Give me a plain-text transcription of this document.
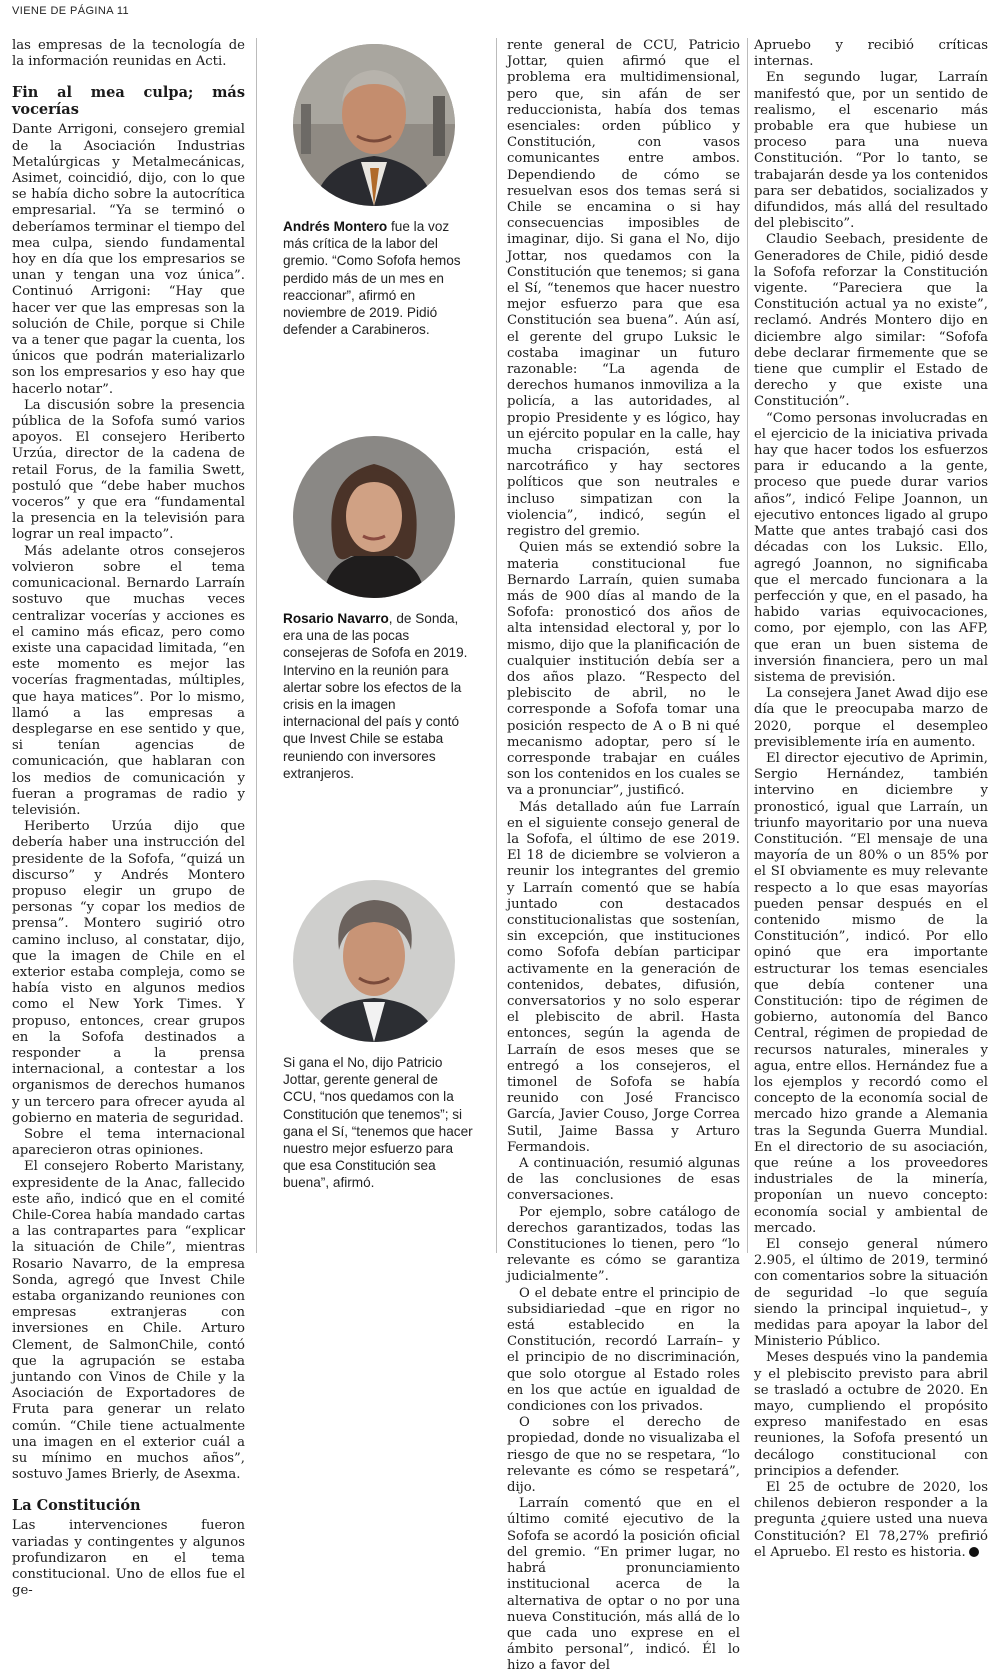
VIENE DE PÁGINA 11

las empresas de la tecnología de la información reunidas en Acti.

Fin al mea culpa; más vocerías

Dante Arrigoni, consejero gremial de la Asociación Industrias Metalúrgicas y Metalmecánicas, Asimet, coincidió, dijo, con lo que se había dicho sobre la autocrítica empresarial. “Ya se terminó o deberíamos terminar el tiempo del mea culpa, siendo fundamental hoy en día que los empresarios se unan y tengan una voz única”. Continuó Arrigoni: “Hay que hacer ver que las empresas son la solución de Chile, porque si Chile va a tener que pagar la cuenta, los únicos que podrán materializarlo son los empresarios y eso hay que hacerlo notar”.

La discusión sobre la presencia pública de la Sofofa sumó varios apoyos. El consejero Heriberto Urzúa, director de la cadena de retail Forus, de la familia Swett, postuló que “debe haber muchos voceros” y que era “fundamental la presencia en la televisión para lograr un real impacto”.

Más adelante otros consejeros volvieron sobre el tema comunicacional. Bernardo Larraín sostuvo que muchas veces centralizar vocerías y acciones es el camino más eficaz, pero como existe una capacidad limitada, “en este momento es mejor las vocerías fragmentadas, múltiples, que haya matices”. Por lo mismo, llamó a las empresas a desplegarse en ese sentido y que, si tenían agencias de comunicación, que hablaran con los medios de comunicación y fueran a programas de radio y televisión.

Heriberto Urzúa dijo que debería haber una instrucción del presidente de la Sofofa, “quizá un discurso” y Andrés Montero propuso elegir un grupo de personas “y copar los medios de prensa”. Montero sugirió otro camino incluso, al constatar, dijo, que la imagen de Chile en el exterior estaba compleja, como se había visto en algunos medios como el New York Times. Y propuso, entonces, crear grupos en la Sofofa destinados a responder a la prensa internacional, a contestar a los organismos de derechos humanos y un tercero para ofrecer ayuda al gobierno en materia de seguridad.

Sobre el tema internacional aparecieron otras opiniones.

El consejero Roberto Maristany, expresidente de la Anac, fallecido este año, indicó que en el comité Chile-Corea había mandado cartas a las contrapartes para “explicar la situación de Chile”, mientras Rosario Navarro, de la empresa Sonda, agregó que Invest Chile estaba organizando reuniones con empresas extranjeras con inversiones en Chile. Arturo Clement, de SalmonChile, contó que la agrupación se estaba juntando con Vinos de Chile y la Asociación de Exportadores de Fruta para generar un relato común. “Chile tiene actualmente una imagen en el exterior cuál a su mínimo en muchos años”, sostuvo James Brierly, de Asexma.

La Constitución

Las intervenciones fueron variadas y contingentes y algunos profundizaron en el tema constitucional. Uno de ellos fue el ge-

Andrés Montero fue la voz más crítica de la labor del gremio. “Como Sofofa hemos perdido más de un mes en reaccionar”, afirmó en noviembre de 2019. Pidió defender a Carabineros.
Rosario Navarro, de Sonda, era una de las pocas consejeras de Sofofa en 2019. Intervino en la reunión para alertar sobre los efectos de la crisis en la imagen internacional del país y contó que Invest Chile se estaba reuniendo con inversores extranjeros.
Si gana el No, dijo Patricio Jottar, gerente general de CCU, “nos quedamos con la Constitución que tenemos”; si gana el Sí, “tenemos que hacer nuestro mejor esfuerzo para que esa Constitución sea buena”, afirmó.

rente general de CCU, Patricio Jottar, quien afirmó que el problema era multidimensional, pero que, sin afán de ser reduccionista, había dos temas esenciales: orden público y Constitución, con vasos comunicantes entre ambos. Dependiendo de cómo se resuelvan esos dos temas será si Chile se encamina o si hay consecuencias imposibles de imaginar, dijo. Si gana el No, dijo Jottar, nos quedamos con la Constitución que tenemos; si gana el Sí, “tenemos que hacer nuestro mejor esfuerzo para que esa Constitución sea buena”. Aún así, el gerente del grupo Luksic le costaba imaginar un futuro razonable: “La agenda de derechos humanos inmoviliza a la policía, a las autoridades, al propio Presidente y es lógico, hay un ejército popular en la calle, hay mucha crispación, está el narcotráfico y hay sectores políticos que son neutrales e incluso simpatizan con la violencia”, indicó, según el registro del gremio.

Quien más se extendió sobre la materia constitucional fue Bernardo Larraín, quien sumaba más de 900 días al mando de la Sofofa: pronosticó dos años de alta intensidad electoral y, por lo mismo, dijo que la planificación de cualquier institución debía ser a dos años plazo. “Respecto del plebiscito de abril, no le corresponde a Sofofa tomar una posición respecto de A o B ni qué mecanismo adoptar, pero sí le corresponde trabajar en cuáles son los contenidos en los cuales se va a pronunciar”, justificó.

Más detallado aún fue Larraín en el siguiente consejo general de la Sofofa, el último de ese 2019. El 18 de diciembre se volvieron a reunir los integrantes del gremio y Larraín comentó que se había juntado con destacados constitucionalistas que sostenían, sin excepción, que instituciones como Sofofa debían participar activamente en la generación de contenidos, debates, difusión, conversatorios y no solo esperar el plebiscito de abril. Hasta entonces, según la agenda de Larraín de esos meses que se entregó a los consejeros, el timonel de Sofofa se había reunido con José Francisco García, Javier Couso, Jorge Correa Sutil, Jaime Bassa y Arturo Fermandois.

A continuación, resumió algunas de las conclusiones de esas conversaciones.

Por ejemplo, sobre catálogo de derechos garantizados, todas las Constituciones lo tienen, pero “lo relevante es cómo se garantiza judicialmente”.

O el debate entre el principio de subsidiariedad –que en rigor no está establecido en la Constitución, recordó Larraín– y el principio de no discriminación, que solo otorgue al Estado roles en los que actúe en igualdad de condiciones con los privados.

O sobre el derecho de propiedad, donde no visualizaba el riesgo de que no se respetara, “lo relevante es cómo se respetará”, dijo.

Larraín comentó que en el último comité ejecutivo de la Sofofa se acordó la posición oficial del gremio. “En primer lugar, no habrá pronunciamiento institucional acerca de la alternativa de optar o no por una nueva Constitución, más allá de lo que cada uno exprese en el ámbito personal”, indicó. Él lo hizo a favor del

Apruebo y recibió críticas internas.

En segundo lugar, Larraín manifestó que, por un sentido de realismo, el escenario más probable era que hubiese un proceso para una nueva Constitución. “Por lo tanto, se trabajarán desde ya los contenidos para ser debatidos, socializados y difundidos, más allá del resultado del plebiscito”.

Claudio Seebach, presidente de Generadores de Chile, pidió desde la Sofofa reforzar la Constitución vigente. “Pareciera que la Constitución actual ya no existe”, reclamó. Andrés Montero dijo en diciembre algo similar: “Sofofa debe declarar firmemente que se tiene que cumplir el Estado de derecho y que existe una Constitución”.

“Como personas involucradas en el ejercicio de la iniciativa privada hay que hacer todos los esfuerzos para ir educando a la gente, proceso que puede durar varios años”, indicó Felipe Joannon, un ejecutivo entonces ligado al grupo Matte que antes trabajó casi dos décadas con los Luksic. Ello, agregó Joannon, no significaba que el mercado funcionara a la perfección y que, en el pasado, ha habido varias equivocaciones, como, por ejemplo, con las AFP, que eran un buen sistema de inversión financiera, pero un mal sistema de previsión.

La consejera Janet Awad dijo ese día que le preocupaba marzo de 2020, porque el desempleo previsiblemente iría en aumento.

El director ejecutivo de Aprimin, Sergio Hernández, también intervino en diciembre y pronosticó, igual que Larraín, un triunfo mayoritario por una nueva Constitución. “El mensaje de una mayoría de un 80% o un 85% por el SI obviamente es muy relevante respecto a lo que esas mayorías pueden pensar después en el contenido mismo de la Constitución”, indicó. Por ello opinó que era importante estructurar los temas esenciales que debía contener una Constitución: tipo de régimen de gobierno, autonomía del Banco Central, régimen de propiedad de recursos naturales, minerales y agua, entre ellos. Hernández fue a los ejemplos y recordó como el concepto de la economía social de mercado hizo grande a Alemania tras la Segunda Guerra Mundial. En el directorio de su asociación, que reúne a los proveedores industriales de la minería, proponían un nuevo concepto: economía social y ambiental de mercado.

El consejo general número 2.905, el último de 2019, terminó con comentarios sobre la situación de seguridad –lo que seguía siendo la principal inquietud–, y medidas para apoyar la labor del Ministerio Público.

Meses después vino la pandemia y el plebiscito previsto para abril se trasladó a octubre de 2020. En mayo, cumpliendo el propósito expreso manifestado en esas reuniones, la Sofofa presentó un decálogo constitucional con principios a defender.

El 25 de octubre de 2020, los chilenos debieron responder a la pregunta ¿quiere usted una nueva Constitución? El 78,27% prefirió el Apruebo. El resto es historia.
